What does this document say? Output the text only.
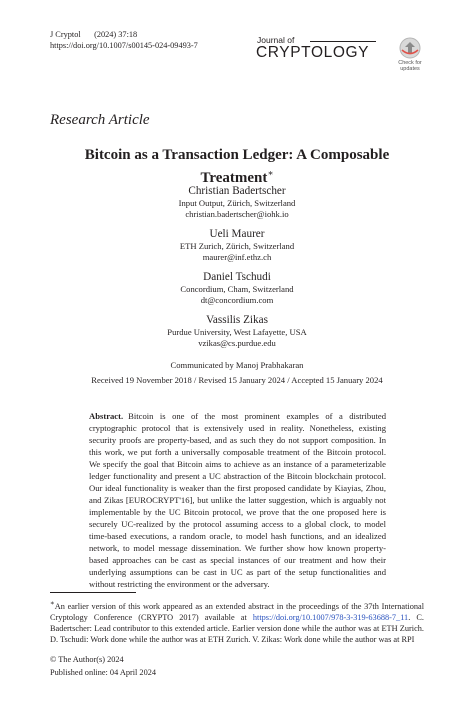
J Cryptol (2024) 37:18
https://doi.org/10.1007/s00145-024-09493-7
Journal of
CRYPTOLOGY
Check for
updates
Research Article
Bitcoin as a Transaction Ledger: A Composable Treatment∗
Christian Badertscher
Input Output, Zürich, Switzerland
christian.badertscher@iohk.io
Ueli Maurer
ETH Zurich, Zürich, Switzerland
maurer@inf.ethz.ch
Daniel Tschudi
Concordium, Cham, Switzerland
dt@concordium.com
Vassilis Zikas
Purdue University, West Lafayette, USA
vzikas@cs.purdue.edu
Communicated by Manoj Prabhakaran
Received 19 November 2018 / Revised 15 January 2024 / Accepted 15 January 2024
Abstract. Bitcoin is one of the most prominent examples of a distributed cryptographic protocol that is extensively used in reality. Nonetheless, existing security proofs are property-based, and as such they do not support composition. In this work, we put forth a universally composable treatment of the Bitcoin protocol. We specify the goal that Bitcoin aims to achieve as an instance of a parameterizable ledger functionality and present a UC abstraction of the Bitcoin blockchain protocol. Our ideal functionality is weaker than the first proposed candidate by Kiayias, Zhou, and Zikas [EUROCRYPT'16], but unlike the latter suggestion, which is arguably not implementable by the UC Bitcoin protocol, we prove that the one proposed here is securely UC-realized by the protocol assuming access to a global clock, to model time-based executions, a random oracle, to model hash functions, and an idealized network, to model message dissemination. We further show how known property-based approaches can be cast as special instances of our treatment and how their underlying assumptions can be cast in UC as part of the setup functionalities and without restricting the environment or the adversary.
∗An earlier version of this work appeared as an extended abstract in the proceedings of the 37th International Cryptology Conference (CRYPTO 2017) available at https://doi.org/10.1007/978-3-319-63688-7_11. C. Badertscher: Lead contributor to this extended article. Earlier version done while the author was at ETH Zurich. D. Tschudi: Work done while the author was at ETH Zurich. V. Zikas: Work done while the author was at RPI
© The Author(s) 2024
Published online: 04 April 2024
